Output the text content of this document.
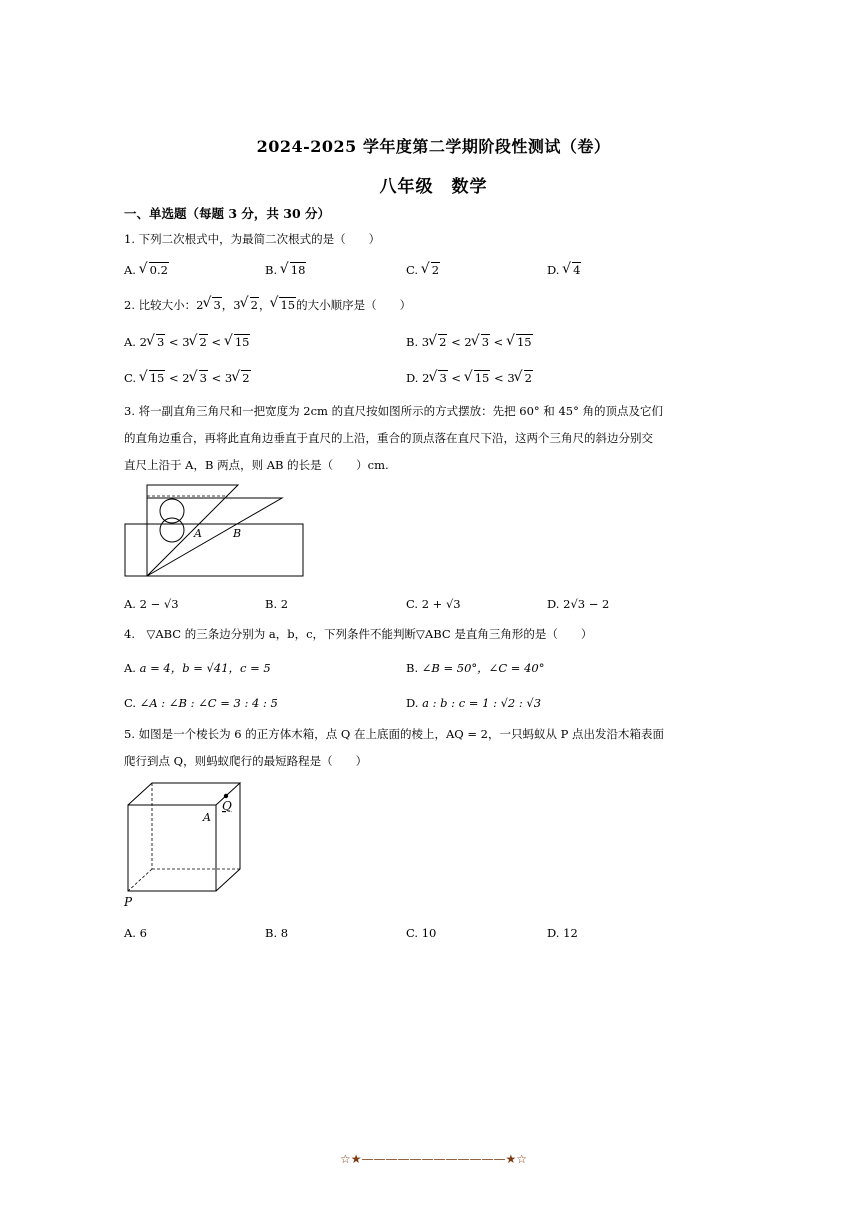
2024-2025 学年度第二学期阶段性测试（卷）
八年级　数学
一、单选题（每题 3 分，共 30 分）
1. 下列二次根式中，为最简二次根式的是（　　）
A. √ 0.2	B. √ 18	C. √ 2	D. √ 4
2. 比较大小：2 √ 3，3 √ 2， √ 15的大小顺序是（　　）
A. 2 √ 3 < 3 √ 2 < √ 15	B. 3 √ 2 < 2 √ 3 < √ 15
C. √ 15 < 2 √ 3 < 3 √ 2	D. 2 √ 3 < √ 15 < 3 √ 2
3. 将一副直角三角尺和一把宽度为 2cm 的直尺按如图所示的方式摆放：先把 60° 和 45° 角的顶点及它们
的直角边重合，再将此直角边垂直于直尺的上沿，重合的顶点落在直尺下沿，这两个三角尺的斜边分别交
直尺上沿于 A，B 两点，则 AB 的长是（　　）cm.
A	B
A. 2 − √3	B. 2	C. 2 + √3	D. 2√3 − 2
4.　▽ABC 的三条边分别为 a，b，c，下列条件不能判断▽ABC 是直角三角形的是（　　）
A. a = 4，b = √41，c = 5	B. ∠B = 50°，∠C = 40°
C. ∠A : ∠B : ∠C = 3 : 4 : 5	D. a : b : c = 1 : √2 : √3
5. 如图是一个棱长为 6 的正方体木箱，点 Q 在上底面的棱上，AQ = 2，一只蚂蚁从 P 点出发沿木箱表面
爬行到点 Q，则蚂蚁爬行的最短路程是（　　）
Q
A
P
A. 6	B. 8	C. 10	D. 12
☆★————————————★☆
